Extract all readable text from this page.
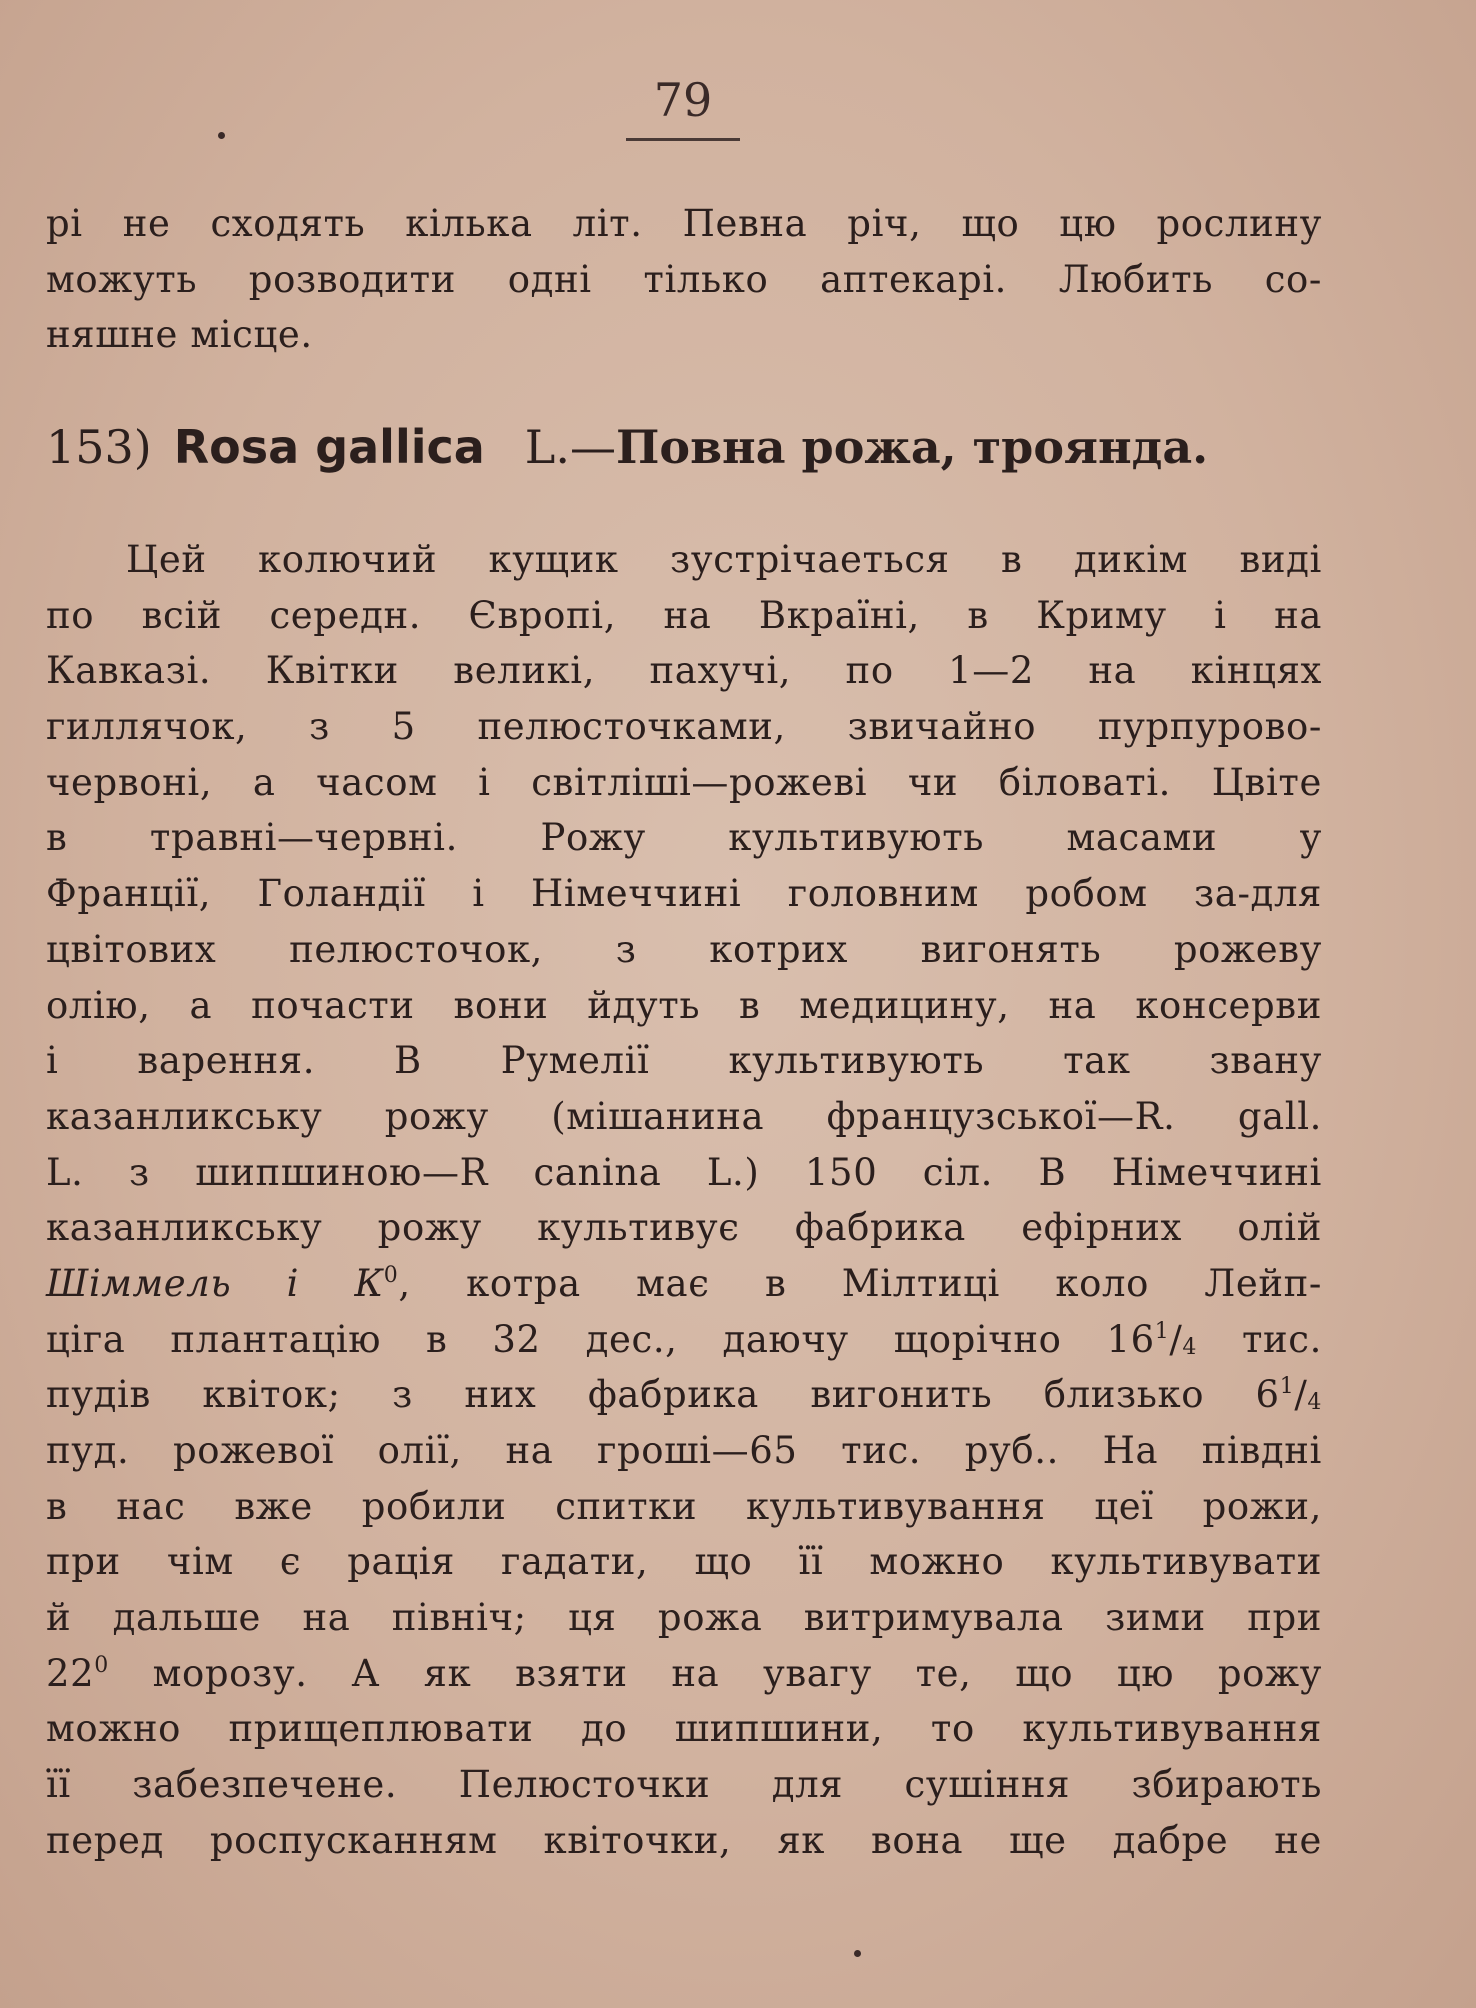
79
рі не сходять кілька літ. Певна річ, що цю рослину
можуть розводити одні тілько аптекарі. Любить со-
няшне місце.
153) Rosa gallica L.— Повна рожа, троянда.
Цей колючий кущик зустрічаеться в дикім виді
по всій середн. Європі, на Вкраїні, в Криму і на
Кавказі. Квітки великі, пахучі, по 1—2 на кінцях
гиллячок, з 5 пелюсточками, звичайно пурпурово-
червоні, а часом і світліші—рожеві чи біловаті. Цвіте
в травні—червні. Рожу культивують масами у
Франції, Голандії і Німеччині головним робом за-для
цвітових пелюсточок, з котрих вигонять рожеву
олію, а почасти вони йдуть в медицину, на консерви
і варення. В Румелії культивують так звану
казанликську рожу (мішанина французської—R. gall.
L. з шипшиною—R canina L.) 150 сіл. В Німеччині
казанликську рожу культивує фабрика ефірних олій
Шіммель і $К^0$, котра має в Мілтиці коло Лейп-
ціга плантацію в 32 дес., даючу щорічно $16^1/_4$ тис.
пудів квіток; з них фабрика вигонить близько $6^1/_4$
пуд. рожевої олії, на гроші—65 тис. руб.. На півдні
в нас вже робили спитки культивування цеї рожи,
при чім є рація гадати, що її можно культивувати
й дальше на північ; ця рожа витримувала зими при
$22^0$ морозу. А як взяти на увагу те, що цю рожу
можно прищеплювати до шипшини, то культивування
її забезпечене. Пелюсточки для сушіння збирають
перед роспусканням квіточки, як вона ще дабре не
